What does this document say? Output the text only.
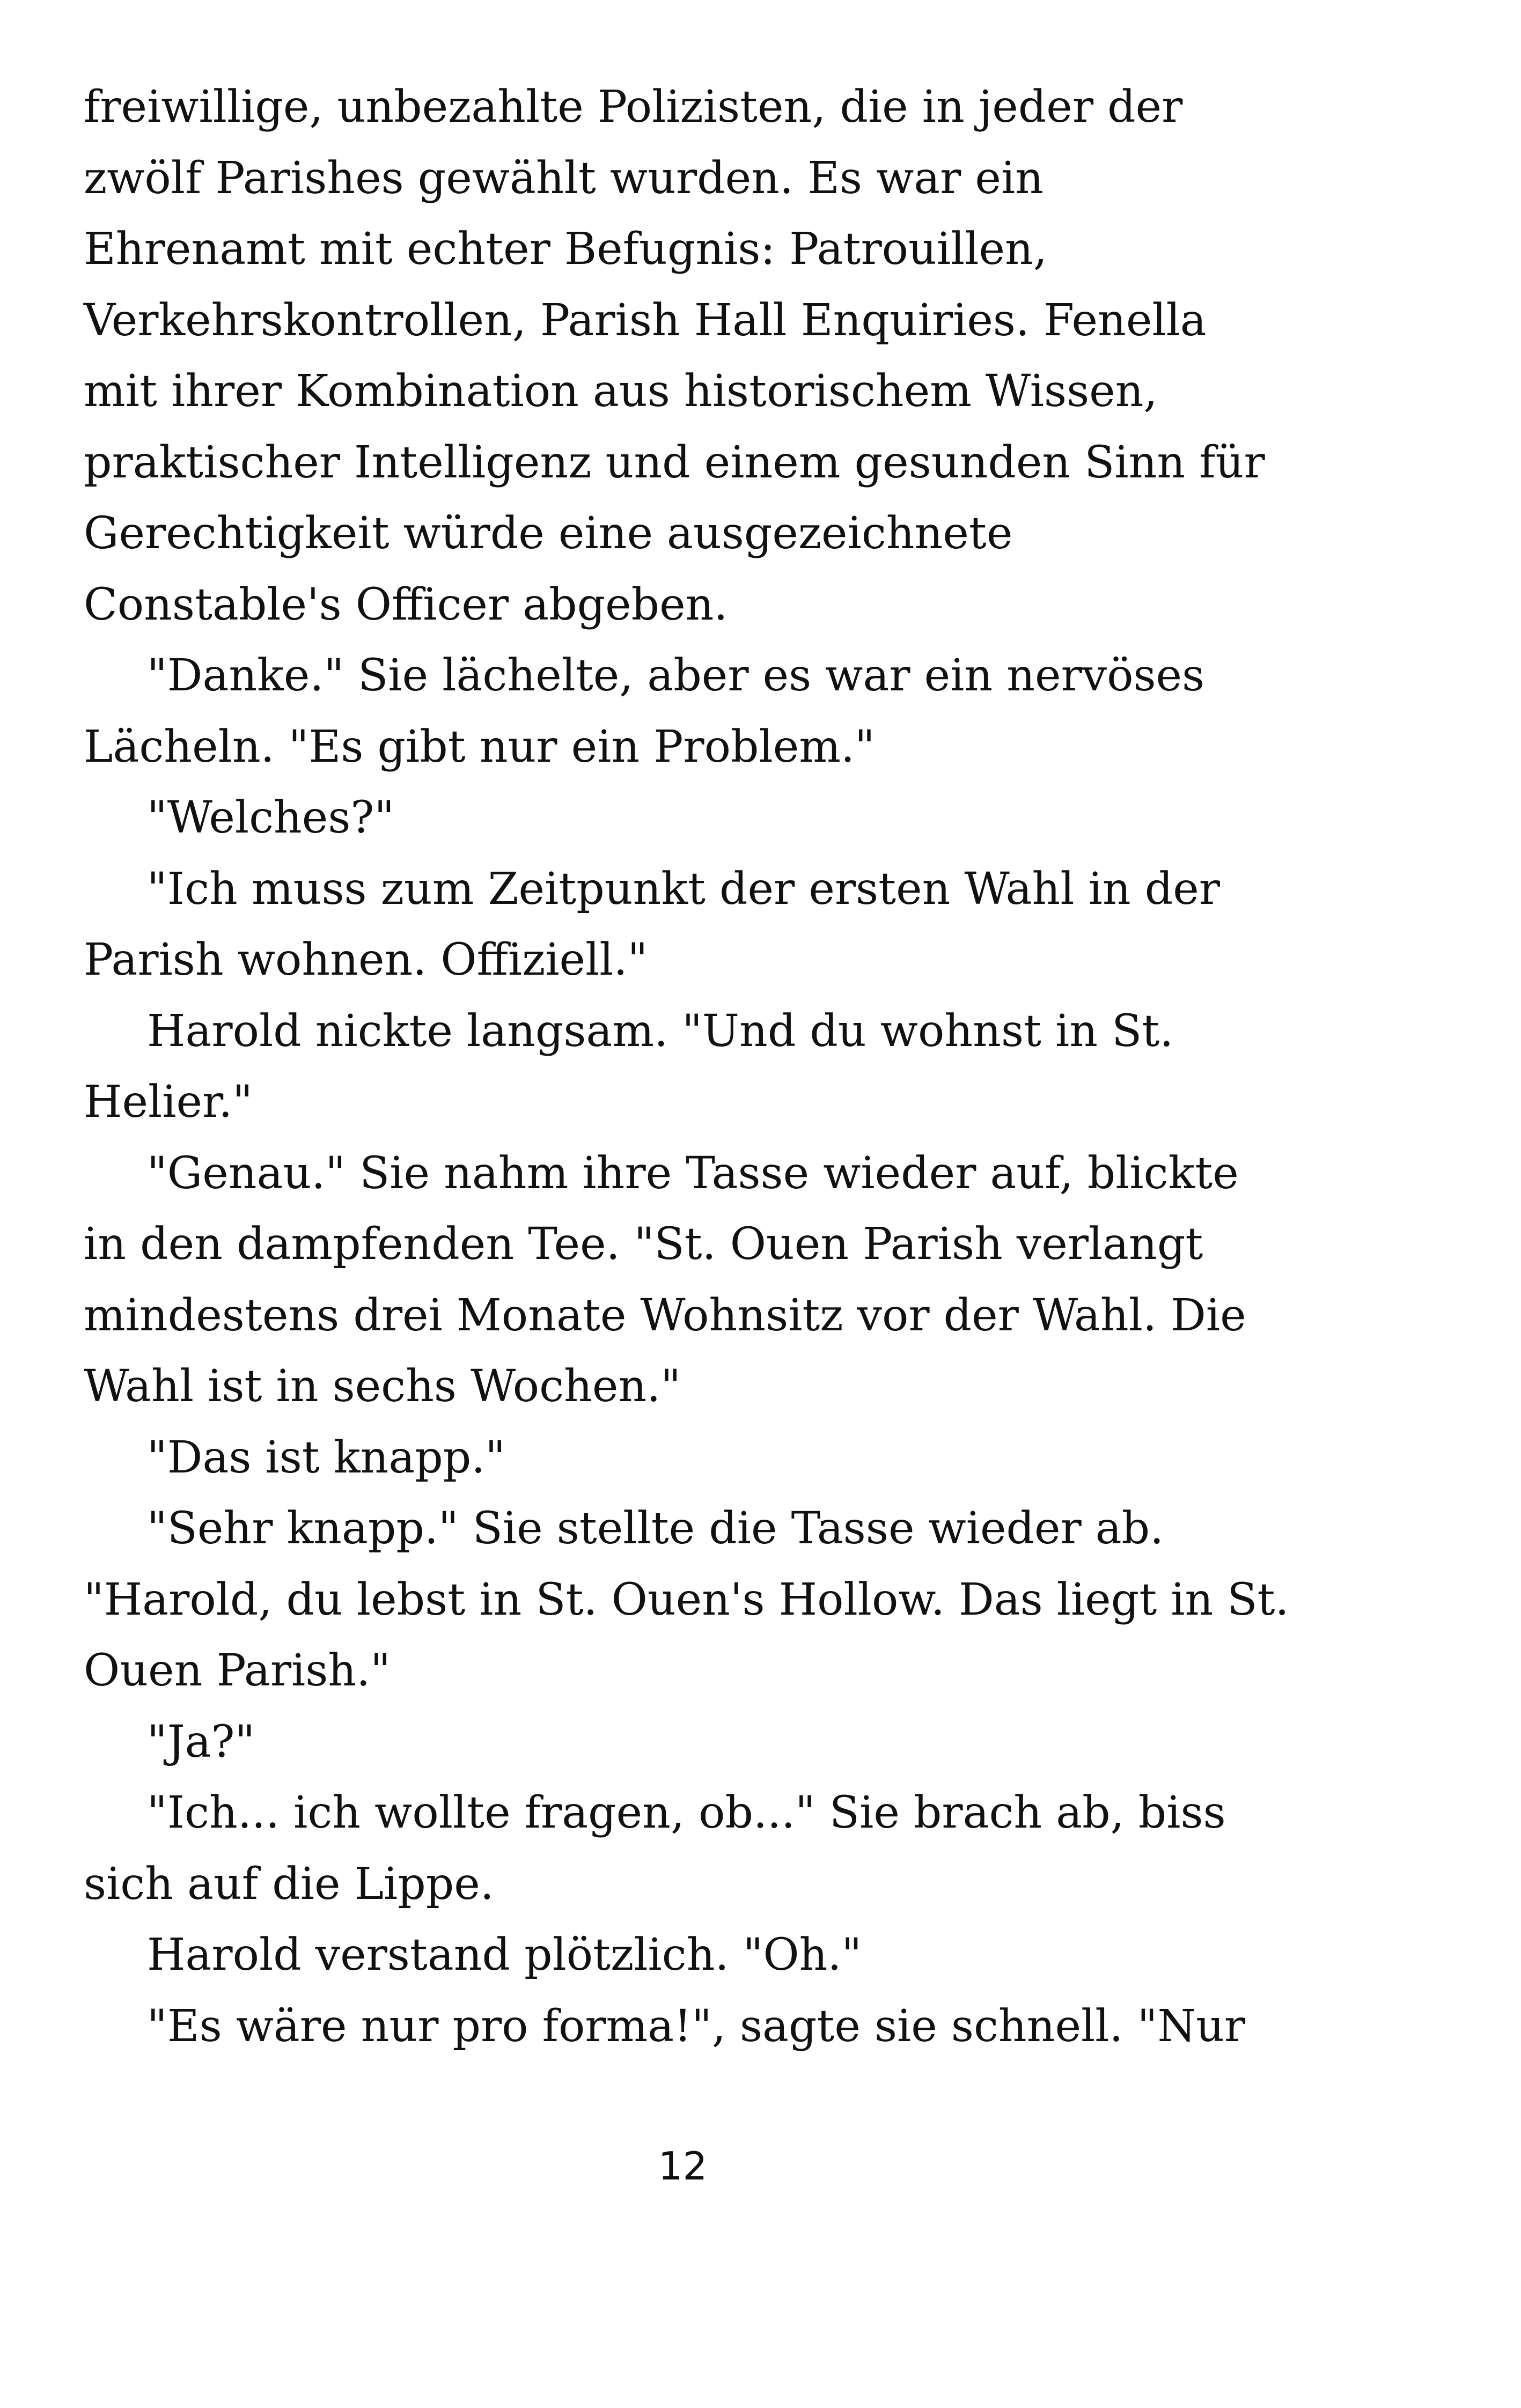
freiwillige, unbezahlte Polizisten, die in jeder der
zwölf Parishes gewählt wurden. Es war ein
Ehrenamt mit echter Befugnis: Patrouillen,
Verkehrskontrollen, Parish Hall Enquiries. Fenella
mit ihrer Kombination aus historischem Wissen,
praktischer Intelligenz und einem gesunden Sinn für
Gerechtigkeit würde eine ausgezeichnete
Constable's Officer abgeben.
"Danke." Sie lächelte, aber es war ein nervöses
Lächeln. "Es gibt nur ein Problem."
"Welches?"
"Ich muss zum Zeitpunkt der ersten Wahl in der
Parish wohnen. Offiziell."
Harold nickte langsam. "Und du wohnst in St.
Helier."
"Genau." Sie nahm ihre Tasse wieder auf, blickte
in den dampfenden Tee. "St. Ouen Parish verlangt
mindestens drei Monate Wohnsitz vor der Wahl. Die
Wahl ist in sechs Wochen."
"Das ist knapp."
"Sehr knapp." Sie stellte die Tasse wieder ab.
"Harold, du lebst in St. Ouen's Hollow. Das liegt in St.
Ouen Parish."
"Ja?"
"Ich... ich wollte fragen, ob..." Sie brach ab, biss
sich auf die Lippe.
Harold verstand plötzlich. "Oh."
"Es wäre nur pro forma!", sagte sie schnell. "Nur
12
